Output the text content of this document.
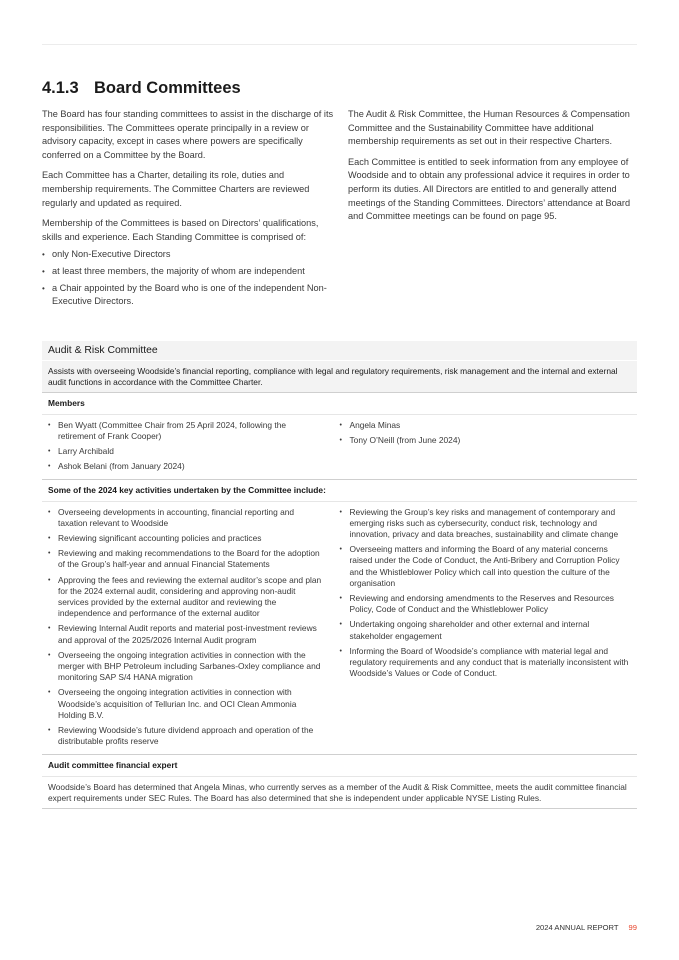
4.1.3 Board Committees

The Board has four standing committees to assist in the discharge of its responsibilities. The Committees operate principally in a review or advisory capacity, except in cases where powers are specifically conferred on a Committee by the Board.

Each Committee has a Charter, detailing its role, duties and membership requirements. The Committee Charters are reviewed regularly and updated as required.

Membership of the Committees is based on Directors’ qualifications, skills and experience. Each Standing Committee is comprised of:

• only Non-Executive Directors
• at least three members, the majority of whom are independent
• a Chair appointed by the Board who is one of the independent Non-Executive Directors.

The Audit & Risk Committee, the Human Resources & Compensation Committee and the Sustainability Committee have additional membership requirements as set out in their respective Charters.

Each Committee is entitled to seek information from any employee of Woodside and to obtain any professional advice it requires in order to perform its duties. All Directors are entitled to and generally attend meetings of the Standing Committees. Directors’ attendance at Board and Committee meetings can be found on page 95.

Audit & Risk Committee
Assists with overseeing Woodside’s financial reporting, compliance with legal and regulatory requirements, risk management and the internal and external audit functions in accordance with the Committee Charter.
Members
• Ben Wyatt (Committee Chair from 25 April 2024, following the retirement of Frank Cooper)
• Larry Archibald
• Ashok Belani (from January 2024)
• Angela Minas
• Tony O’Neill (from June 2024)
Some of the 2024 key activities undertaken by the Committee include:
• Overseeing developments in accounting, financial reporting and taxation relevant to Woodside
• Reviewing significant accounting policies and practices
• Reviewing and making recommendations to the Board for the adoption of the Group’s half-year and annual Financial Statements
• Approving the fees and reviewing the external auditor’s scope and plan for the 2024 external audit, considering and approving non-audit services provided by the external auditor and reviewing the independence and performance of the external auditor
• Reviewing Internal Audit reports and material post-investment reviews and approval of the 2025/2026 Internal Audit program
• Overseeing the ongoing integration activities in connection with the merger with BHP Petroleum including Sarbanes-Oxley compliance and monitoring SAP S/4 HANA migration
• Overseeing the ongoing integration activities in connection with Woodside’s acquisition of Tellurian Inc. and OCI Clean Ammonia Holding B.V.
• Reviewing Woodside’s future dividend approach and operation of the distributable profits reserve
• Reviewing the Group’s key risks and management of contemporary and emerging risks such as cybersecurity, conduct risk, technology and innovation, privacy and data breaches, sustainability and climate change
• Overseeing matters and informing the Board of any material concerns raised under the Code of Conduct, the Anti-Bribery and Corruption Policy and the Whistleblower Policy which call into question the culture of the organisation
• Reviewing and endorsing amendments to the Reserves and Resources Policy, Code of Conduct and the Whistleblower Policy
• Undertaking ongoing shareholder and other external and internal stakeholder engagement
• Informing the Board of Woodside’s compliance with material legal and regulatory requirements and any conduct that is materially inconsistent with Woodside’s Values or Code of Conduct.
Audit committee financial expert
Woodside’s Board has determined that Angela Minas, who currently serves as a member of the Audit & Risk Committee, meets the audit committee financial expert requirements under SEC Rules. The Board has also determined that she is independent under applicable NYSE Listing Rules.
2024 ANNUAL REPORT 99
